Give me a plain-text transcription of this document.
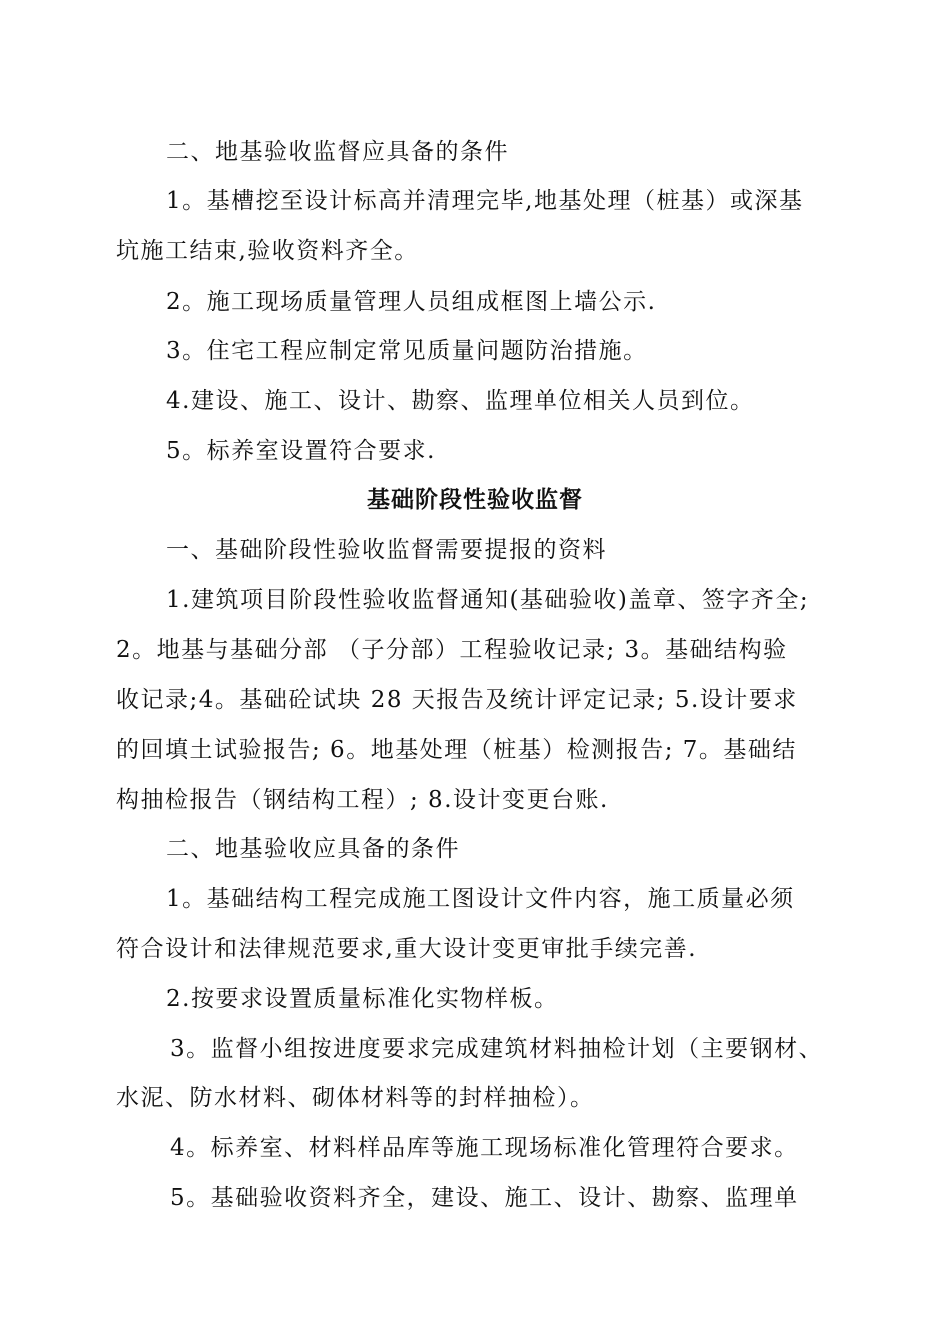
二、地基验收监督应具备的条件
1。基槽挖至设计标高并清理完毕,地基处理（桩基）或深基
坑施工结束,验收资料齐全。
2。施工现场质量管理人员组成框图上墙公示.
3。住宅工程应制定常见质量问题防治措施。
4.建设、施工、设计、勘察、监理单位相关人员到位。
5。标养室设置符合要求.
基础阶段性验收监督
一、基础阶段性验收监督需要提报的资料
1.建筑项目阶段性验收监督通知(基础验收)盖章、签字齐全;
2。地基与基础分部 （子分部）工程验收记录; 3。基础结构验
收记录;4。基础砼试块 28 天报告及统计评定记录; 5.设计要求
的回填土试验报告; 6。地基处理（桩基）检测报告; 7。基础结
构抽检报告（钢结构工程）; 8.设计变更台账.
二、地基验收应具备的条件
1。基础结构工程完成施工图设计文件内容，施工质量必须
符合设计和法律规范要求,重大设计变更审批手续完善.
2.按要求设置质量标准化实物样板。
3。监督小组按进度要求完成建筑材料抽检计划（主要钢材、
水泥、防水材料、砌体材料等的封样抽检）。
4。标养室、材料样品库等施工现场标准化管理符合要求。
5。基础验收资料齐全，建设、施工、设计、勘察、监理单
